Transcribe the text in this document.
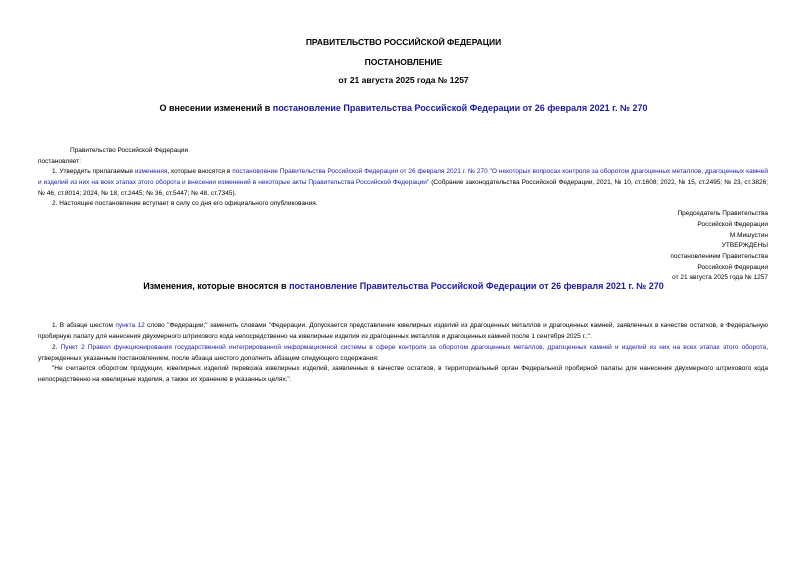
ПРАВИТЕЛЬСТВО РОССИЙСКОЙ ФЕДЕРАЦИИ
ПОСТАНОВЛЕНИЕ
от 21 августа 2025 года № 1257
О внесении изменений в постановление Правительства Российской Федерации от 26 февраля 2021 г. № 270
Правительство Российской Федерации
постановляет:
1. Утвердить прилагаемые изменения, которые вносятся в постановление Правительства Российской Федерации от 26 февраля 2021 г. № 270 "О некоторых вопросах контроля за оборотом драгоценных металлов, драгоценных камней и изделий из них на всех этапах этого оборота и внесении изменений в некоторые акты Правительства Российской Федерации" (Собрание законодательства Российской Федерации, 2021, № 10, ст.1608; 2022, № 15, ст.2495; № 23, ст.3826; № 46, ст.8014; 2024, № 18, ст.2445; № 36, ст.5447; № 48, ст.7345).
2. Настоящее постановление вступает в силу со дня его официального опубликования.
Председатель Правительства
Российской Федерации
М.Мишустин
УТВЕРЖДЕНЫ
постановлением Правительства
Российской Федерации
от 21 августа 2025 года № 1257
Изменения, которые вносятся в постановление Правительства Российской Федерации от 26 февраля 2021 г. № 270
1. В абзаце шестом пункта 12 слово "Федерации;" заменить словами "Федерации. Допускается представление ювелирных изделий из драгоценных металлов и драгоценных камней, заявленных в качестве остатков, в Федеральную пробирную палату для нанесения двухмерного штрихового кода непосредственно на ювелирные изделия из драгоценных металлов и драгоценных камней после 1 сентября 2025 г.;".
2. Пункт 2 Правил функционирования государственной интегрированной информационной системы в сфере контроля за оборотом драгоценных металлов, драгоценных камней и изделий из них на всех этапах этого оборота, утвержденных указанным постановлением, после абзаца шестого дополнить абзацем следующего содержания:
"Не считается оборотом продукции, ювелирных изделий перевозка ювелирных изделий, заявленных в качестве остатков, в территориальный орган Федеральной пробирной палаты для нанесения двухмерного штрихового кода непосредственно на ювелирные изделия, а также их хранение в указанных целях.".
